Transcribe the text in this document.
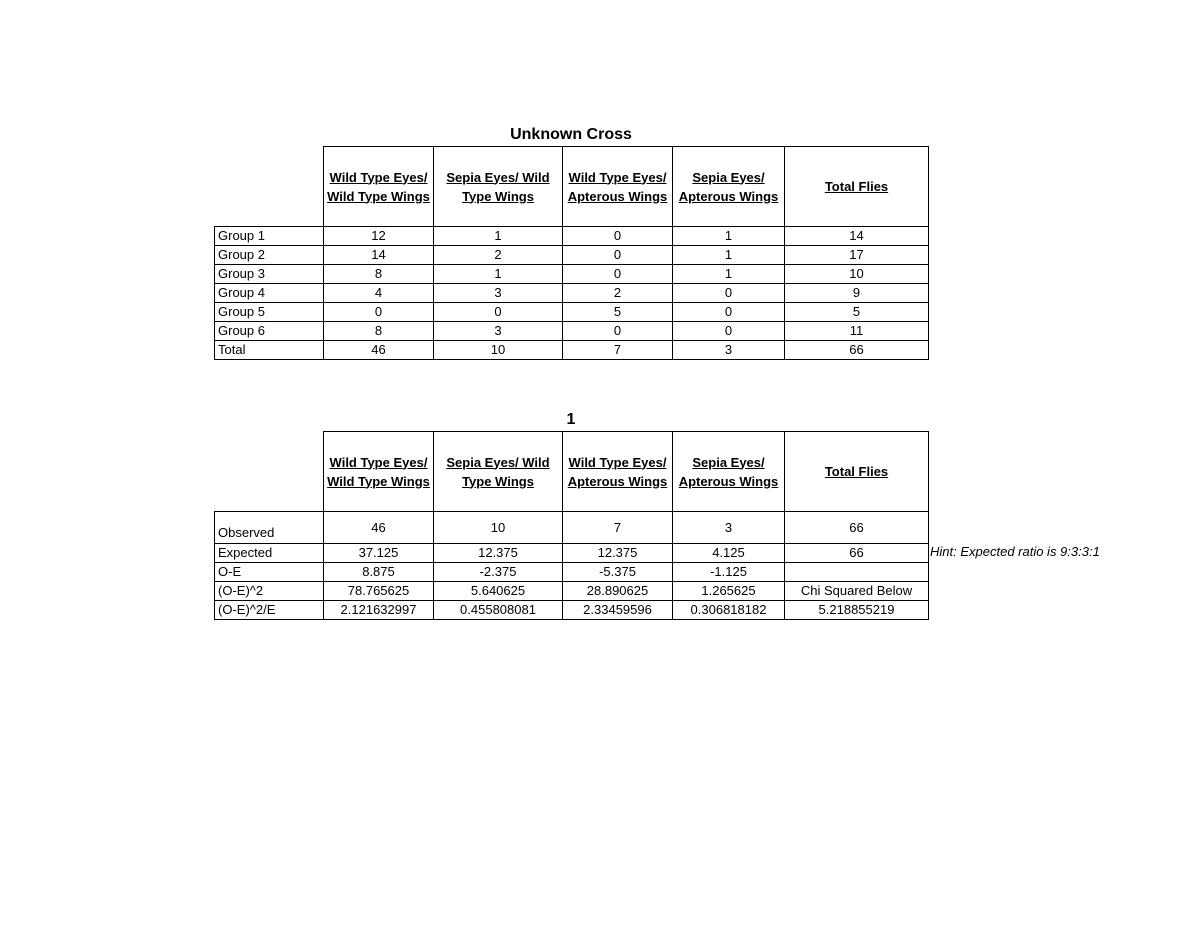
Unknown Cross
	Wild Type Eyes/ Wild Type Wings	Sepia Eyes/ Wild Type Wings	Wild Type Eyes/ Apterous Wings	Sepia Eyes/ Apterous Wings	Total Flies
Group 1	12	1	0	1	14
Group 2	14	2	0	1	17
Group 3	8	1	0	1	10
Group 4	4	3	2	0	9
Group 5	0	0	5	0	5
Group 6	8	3	0	0	11
Total	46	10	7	3	66
1
	Wild Type Eyes/ Wild Type Wings	Sepia Eyes/ Wild Type Wings	Wild Type Eyes/ Apterous Wings	Sepia Eyes/ Apterous Wings	Total Flies
Observed	46	10	7	3	66
Expected	37.125	12.375	12.375	4.125	66
O-E	8.875	-2.375	-5.375	-1.125	
(O-E)^2	78.765625	5.640625	28.890625	1.265625	Chi Squared Below
(O-E)^2/E	2.121632997	0.455808081	2.33459596	0.306818182	5.218855219
Hint: Expected ratio is 9:3:3:1
